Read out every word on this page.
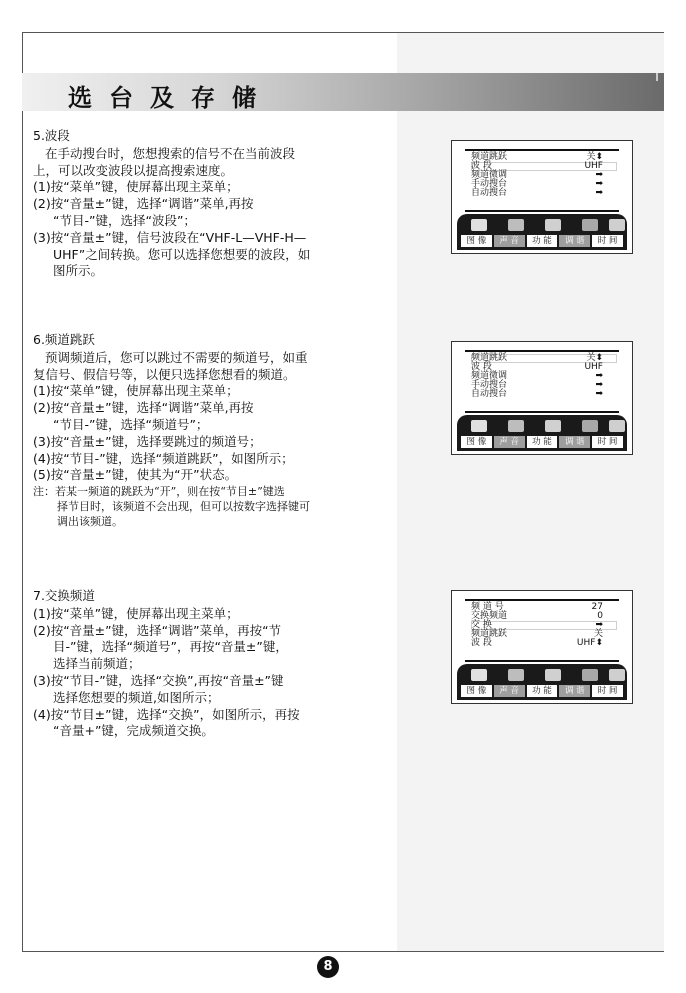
选台及存储

5.波段

在手动搜台时，您想搜索的信号不在当前波段

上，可以改变波段以提高搜索速度。

(1)按“菜单”键，使屏幕出现主菜单；

(2)按“音量±”键，选择“调谐”菜单,再按

“节目-”键，选择“波段”；

(3)按“音量±”键，信号波段在“VHF-L—VHF-H—

UHF”之间转换。您可以选择您想要的波段，如

图所示。

6.频道跳跃

预调频道后，您可以跳过不需要的频道号，如重

复信号、假信号等，以便只选择您想看的频道。

(1)按“菜单”键，使屏幕出现主菜单；

(2)按“音量±”键，选择“调谐”菜单,再按

“节目-”键，选择“频道号”；

(3)按“音量±”键，选择要跳过的频道号；

(4)按“节目-”键，选择“频道跳跃”，如图所示；

(5)按“音量±”键，使其为“开”状态。

注：若某一频道的跳跃为“开”，则在按“节目±”键选

择节目时，该频道不会出现，但可以按数字选择键可

调出该频道。

7.交换频道

(1)按“菜单”键，使屏幕出现主菜单；

(2)按“音量±”键，选择“调谐”菜单，再按“节

目-”键，选择“频道号”，再按“音量±”键，

选择当前频道；

(3)按“节目-”键，选择“交换”,再按“音量±”键

选择您想要的频道,如图所示；

(4)按“节目±”键，选择“交换”，如图所示，再按

“音量+”键，完成频道交换。

频道跳跃	关⬍
波 段	UHF
频道微调	➡
手动搜台	➡
自动搜台	➡
图 像	声 音	功 能	调 谐	时 间
频道跳跃	关⬍
波 段	UHF
频道微调	➡
手动搜台	➡
自动搜台	➡
图 像	声 音	功 能	调 谐	时 间
频 道 号	27
交换频道	0
交 换	➡
频道跳跃	关
波 段	UHF⬍
图 像	声 音	功 能	调 谐	时 间
8
